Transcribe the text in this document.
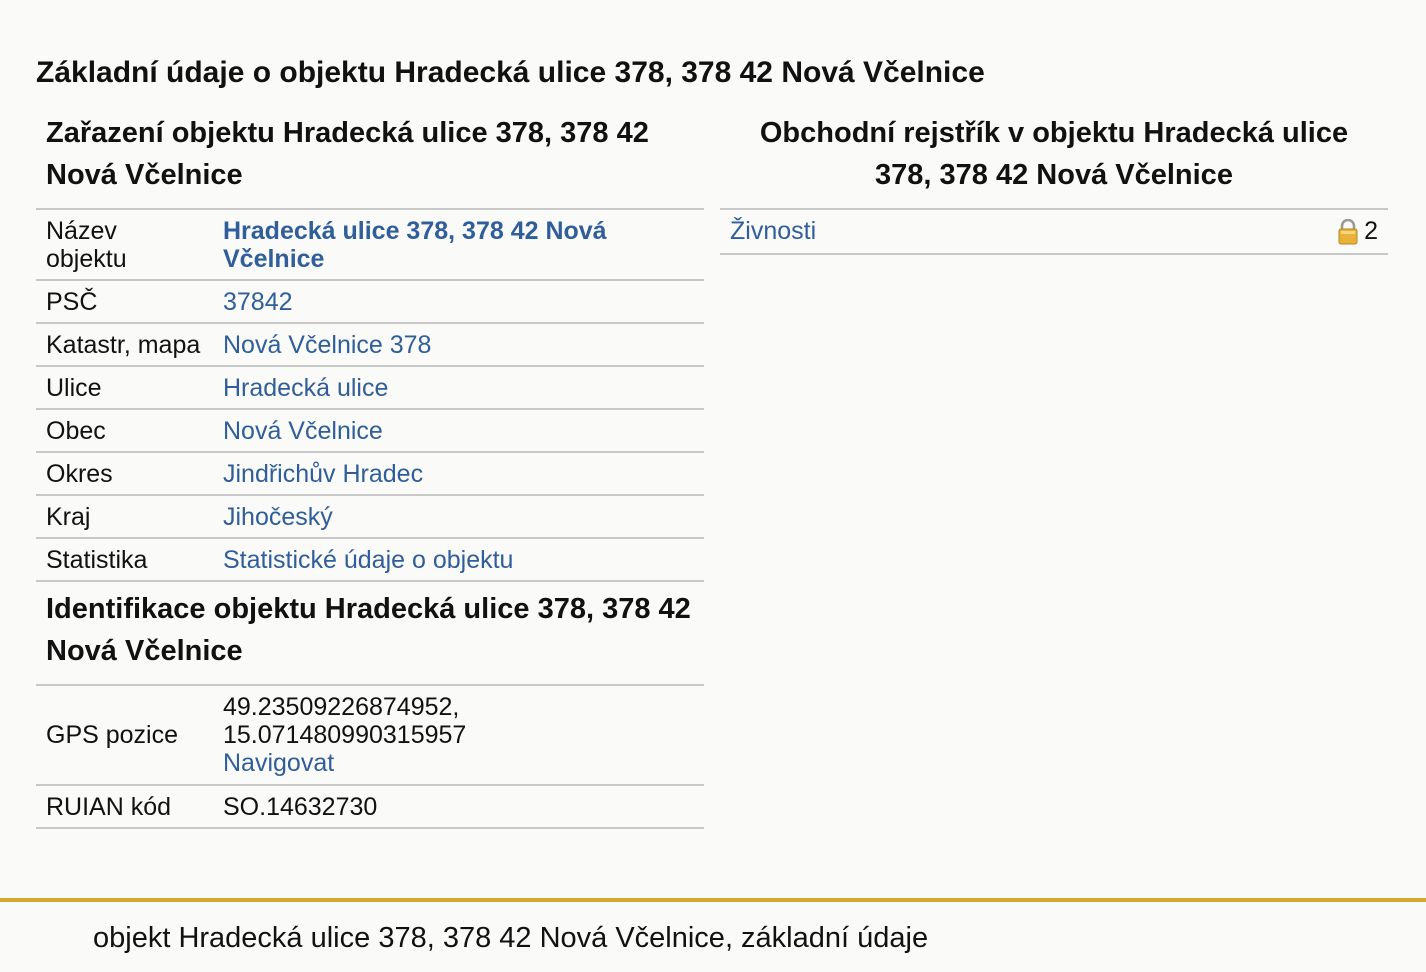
Základní údaje o objektu Hradecká ulice 378, 378 42 Nová Včelnice
Zařazení objektu Hradecká ulice 378, 378 42 Nová Včelnice
Název objektu	Hradecká ulice 378, 378 42 Nová Včelnice
PSČ	37842
Katastr, mapa	Nová Včelnice 378
Ulice	Hradecká ulice
Obec	Nová Včelnice
Okres	Jindřichův Hradec
Kraj	Jihočeský
Statistika	Statistické údaje o objektu
Identifikace objektu Hradecká ulice 378, 378 42 Nová Včelnice
GPS pozice	49.23509226874952,
15.071480990315957
Navigovat

RUIAN kód	SO.14632730
Obchodní rejstřík v objektu Hradecká ulice 378, 378 42 Nová Včelnice
Živnosti	2
objekt Hradecká ulice 378, 378 42 Nová Včelnice, základní údaje
